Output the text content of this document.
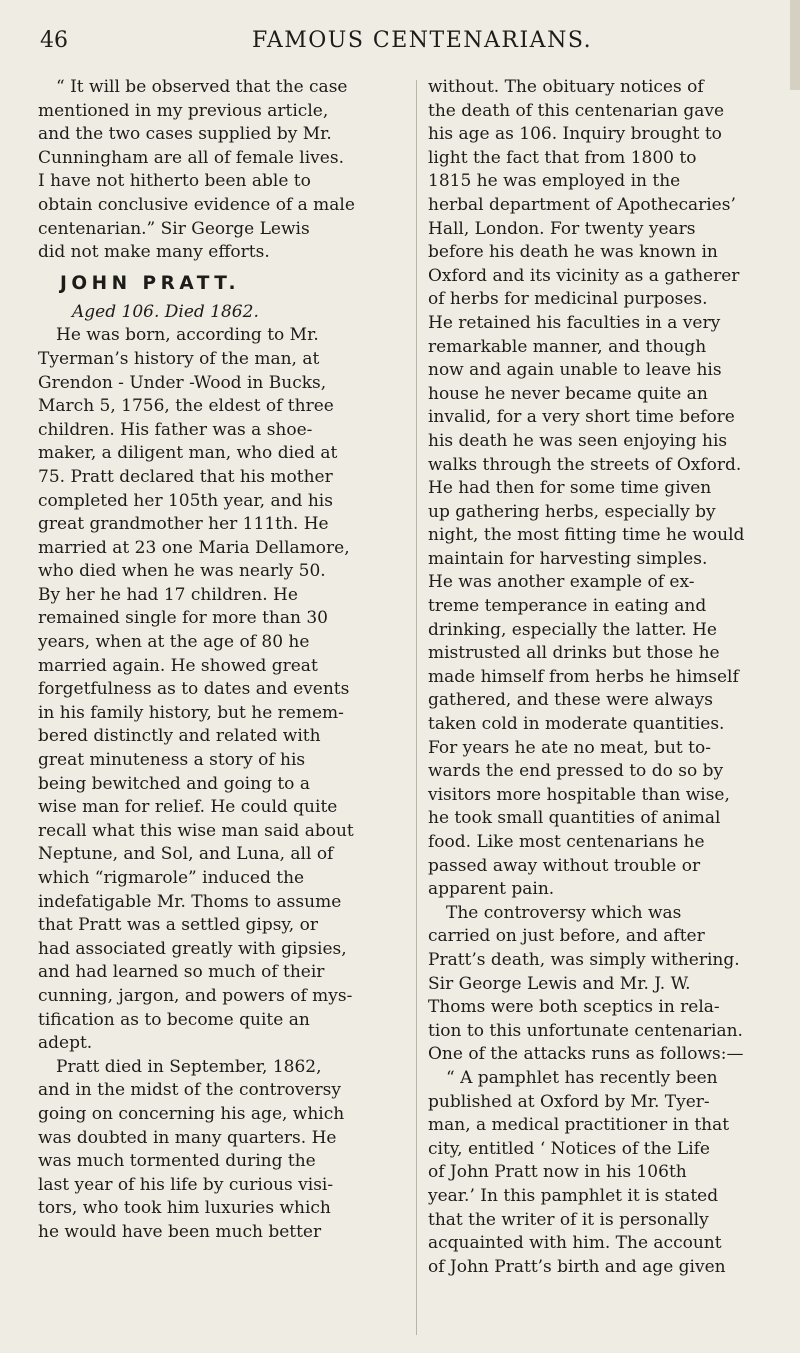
46	FAMOUS CENTENARIANS.
“ It will be observed that the case
mentioned in my previous article,
and the two cases supplied by Mr.
Cunningham are all of female lives.
I have not hitherto been able to
obtain conclusive evidence of a male
centenarian.” Sir George Lewis
did not make many efforts.
JOHN PRATT.
Aged 106. Died 1862.
He was born, according to Mr.
Tyerman’s history of the man, at
Grendon - Under -Wood in Bucks,
March 5, 1756, the eldest of three
children. His father was a shoe-
maker, a diligent man, who died at
75. Pratt declared that his mother
completed her 105th year, and his
great grandmother her 111th. He
married at 23 one Maria Dellamore,
who died when he was nearly 50.
By her he had 17 children. He
remained single for more than 30
years, when at the age of 80 he
married again. He showed great
forgetfulness as to dates and events
in his family history, but he remem-
bered distinctly and related with
great minuteness a story of his
being bewitched and going to a
wise man for relief. He could quite
recall what this wise man said about
Neptune, and Sol, and Luna, all of
which “rigmarole” induced the
indefatigable Mr. Thoms to assume
that Pratt was a settled gipsy, or
had associated greatly with gipsies,
and had learned so much of their
cunning, jargon, and powers of mys-
tification as to become quite an
adept.
Pratt died in September, 1862,
and in the midst of the controversy
going on concerning his age, which
was doubted in many quarters. He
was much tormented during the
last year of his life by curious visi-
tors, who took him luxuries which
he would have been much better
without. The obituary notices of
the death of this centenarian gave
his age as 106. Inquiry brought to
light the fact that from 1800 to
1815 he was employed in the
herbal department of Apothecaries’
Hall, London. For twenty years
before his death he was known in
Oxford and its vicinity as a gatherer
of herbs for medicinal purposes.
He retained his faculties in a very
remarkable manner, and though
now and again unable to leave his
house he never became quite an
invalid, for a very short time before
his death he was seen enjoying his
walks through the streets of Oxford.
He had then for some time given
up gathering herbs, especially by
night, the most fitting time he would
maintain for harvesting simples.
He was another example of ex-
treme temperance in eating and
drinking, especially the latter. He
mistrusted all drinks but those he
made himself from herbs he himself
gathered, and these were always
taken cold in moderate quantities.
For years he ate no meat, but to-
wards the end pressed to do so by
visitors more hospitable than wise,
he took small quantities of animal
food. Like most centenarians he
passed away without trouble or
apparent pain.
The controversy which was
carried on just before, and after
Pratt’s death, was simply withering.
Sir George Lewis and Mr. J. W.
Thoms were both sceptics in rela-
tion to this unfortunate centenarian.
One of the attacks runs as follows:—
“ A pamphlet has recently been
published at Oxford by Mr. Tyer-
man, a medical practitioner in that
city, entitled ‘ Notices of the Life
of John Pratt now in his 106th
year.’ In this pamphlet it is stated
that the writer of it is personally
acquainted with him. The account
of John Pratt’s birth and age given
